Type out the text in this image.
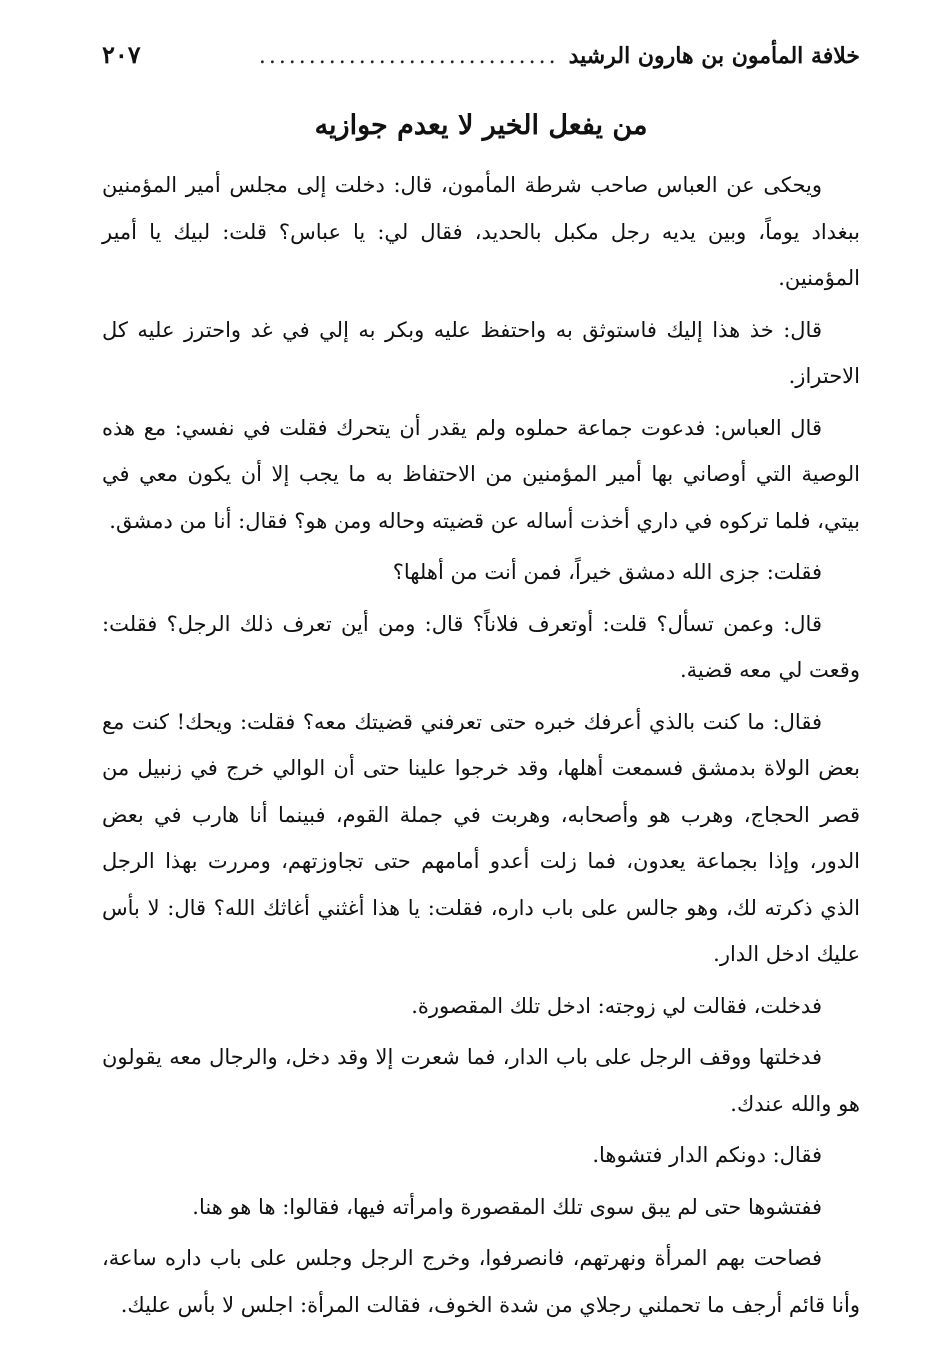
خلافة المأمون بن هارون الرشيد
..............................
٢٠٧
من يفعل الخير لا يعدم جوازيه

ويحكى عن العباس صاحب شرطة المأمون، قال: دخلت إلى مجلس أمير المؤمنين ببغداد يوماً، وبين يديه رجل مكبل بالحديد، فقال لي: يا عباس؟ قلت: لبيك يا أمير المؤمنين.

قال: خذ هذا إليك فاستوثق به واحتفظ عليه وبكر به إلي في غد واحترز عليه كل الاحتراز.

قال العباس: فدعوت جماعة حملوه ولم يقدر أن يتحرك فقلت في نفسي: مع هذه الوصية التي أوصاني بها أمير المؤمنين من الاحتفاظ به ما يجب إلا أن يكون معي في بيتي، فلما تركوه في داري أخذت أساله عن قضيته وحاله ومن هو؟ فقال: أنا من دمشق.

فقلت: جزى الله دمشق خيراً، فمن أنت من أهلها؟

قال: وعمن تسأل؟ قلت: أوتعرف فلاناً؟ قال: ومن أين تعرف ذلك الرجل؟ فقلت: وقعت لي معه قضية.

فقال: ما كنت بالذي أعرفك خبره حتى تعرفني قضيتك معه؟ فقلت: ويحك! كنت مع بعض الولاة بدمشق فسمعت أهلها، وقد خرجوا علينا حتى أن الوالي خرج في زنبيل من قصر الحجاج، وهرب هو وأصحابه، وهربت في جملة القوم، فبينما أنا هارب في بعض الدور، وإذا بجماعة يعدون، فما زلت أعدو أمامهم حتى تجاوزتهم، ومررت بهذا الرجل الذي ذكرته لك، وهو جالس على باب داره، فقلت: يا هذا أغثني أغاثك الله؟ قال: لا بأس عليك ادخل الدار.

فدخلت، فقالت لي زوجته: ادخل تلك المقصورة.

فدخلتها ووقف الرجل على باب الدار، فما شعرت إلا وقد دخل، والرجال معه يقولون هو والله عندك.

فقال: دونكم الدار فتشوها.

ففتشوها حتى لم يبق سوى تلك المقصورة وامرأته فيها، فقالوا: ها هو هنا.

فصاحت بهم المرأة ونهرتهم، فانصرفوا، وخرج الرجل وجلس على باب داره ساعة، وأنا قائم أرجف ما تحملني رجلاي من شدة الخوف، فقالت المرأة: اجلس لا بأس عليك.
